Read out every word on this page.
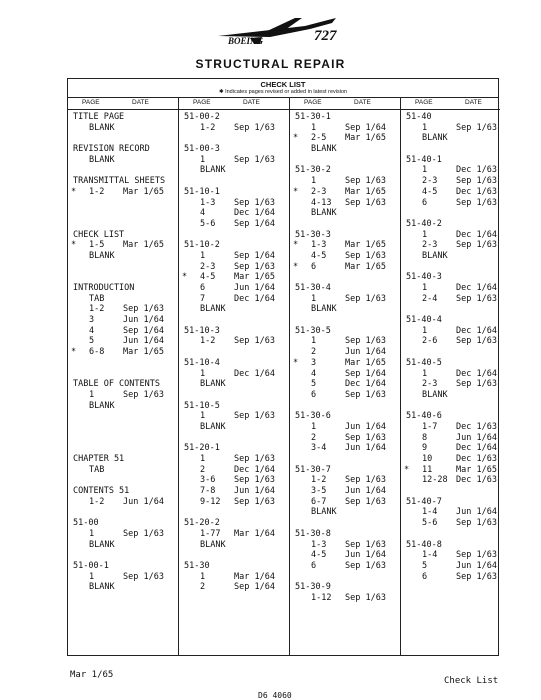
BOEING	727
STRUCTURAL REPAIR
CHECK LIST
✱ Indicates pages revised or added in latest revision
PAGE	DATE
TITLE PAGE
BLANK
REVISION RECORD
BLANK
TRANSMITTAL SHEETS
* 1-2 Mar 1/65
CHECK LIST
* 1-5 Mar 1/65
BLANK
INTRODUCTION
TAB
1-2 Sep 1/63
3	Jun 1/64
4	Sep 1/64
5	Jun 1/64
* 6-8 Mar 1/65
TABLE OF CONTENTS
1	Sep 1/63
BLANK
CHAPTER 51
TAB
CONTENTS 51
1-2 Jun 1/64
51-00
1	Sep 1/63
BLANK
51-00-1
1	Sep 1/63
BLANK
PAGE	DATE
51-00-2
1-2 Sep 1/63
51-00-3
1	Sep 1/63
BLANK
51-10-1
1-3 Sep 1/63
4	Dec 1/64
5-6 Sep 1/64
51-10-2
1	Sep 1/64
2-3 Sep 1/63
* 4-5 Mar 1/65
6	Jun 1/64
7	Dec 1/64
BLANK
51-10-3
1-2 Sep 1/63
51-10-4
1	Dec 1/64
BLANK
51-10-5
1	Sep 1/63
BLANK
51-20-1
1	Sep 1/63
2	Dec 1/64
3-6 Sep 1/63
7-8 Jun 1/64
9-12 Sep 1/63
51-20-2
1-77 Mar 1/64
BLANK
51-30
1	Mar 1/64
2	Sep 1/64
PAGE	DATE
51-30-1
1	Sep 1/64
* 2-5 Mar 1/65
BLANK
51-30-2
1	Sep 1/63
* 2-3 Mar 1/65
4-13 Sep 1/63
BLANK
51-30-3
* 1-3 Mar 1/65
4-5 Sep 1/63
* 6	Mar 1/65
51-30-4
1	Sep 1/63
BLANK
51-30-5
1	Sep 1/63
2	Jun 1/64
* 3	Mar 1/65
4	Sep 1/64
5	Dec 1/64
6	Sep 1/63
51-30-6
1	Jun 1/64
2	Sep 1/63
3-4 Jun 1/64
51-30-7
1-2 Sep 1/63
3-5 Jun 1/64
6-7 Sep 1/63
BLANK
51-30-8
1-3 Sep 1/63
4-5 Jun 1/64
6	Sep 1/63
51-30-9
1-12 Sep 1/63
PAGE	DATE
51-40
1	Sep 1/63
BLANK
51-40-1
1	Dec 1/63
2-3 Sep 1/63
4-5 Dec 1/63
6	Sep 1/63
51-40-2
1	Dec 1/64
2-3 Sep 1/63
BLANK
51-40-3
1	Dec 1/64
2-4 Sep 1/63
51-40-4
1	Dec 1/64
2-6 Sep 1/63
51-40-5
1	Dec 1/64
2-3 Sep 1/63
BLANK
51-40-6
1-7 Dec 1/63
8	Jun 1/64
9	Dec 1/64
10	Dec 1/63
* 11	Mar 1/65
12-28 Dec 1/63
51-40-7
1-4 Jun 1/64
5-6 Sep 1/63
51-40-8
1-4 Sep 1/63
5	Jun 1/64
6	Sep 1/63
Mar 1/65
Check List
D6 4060
